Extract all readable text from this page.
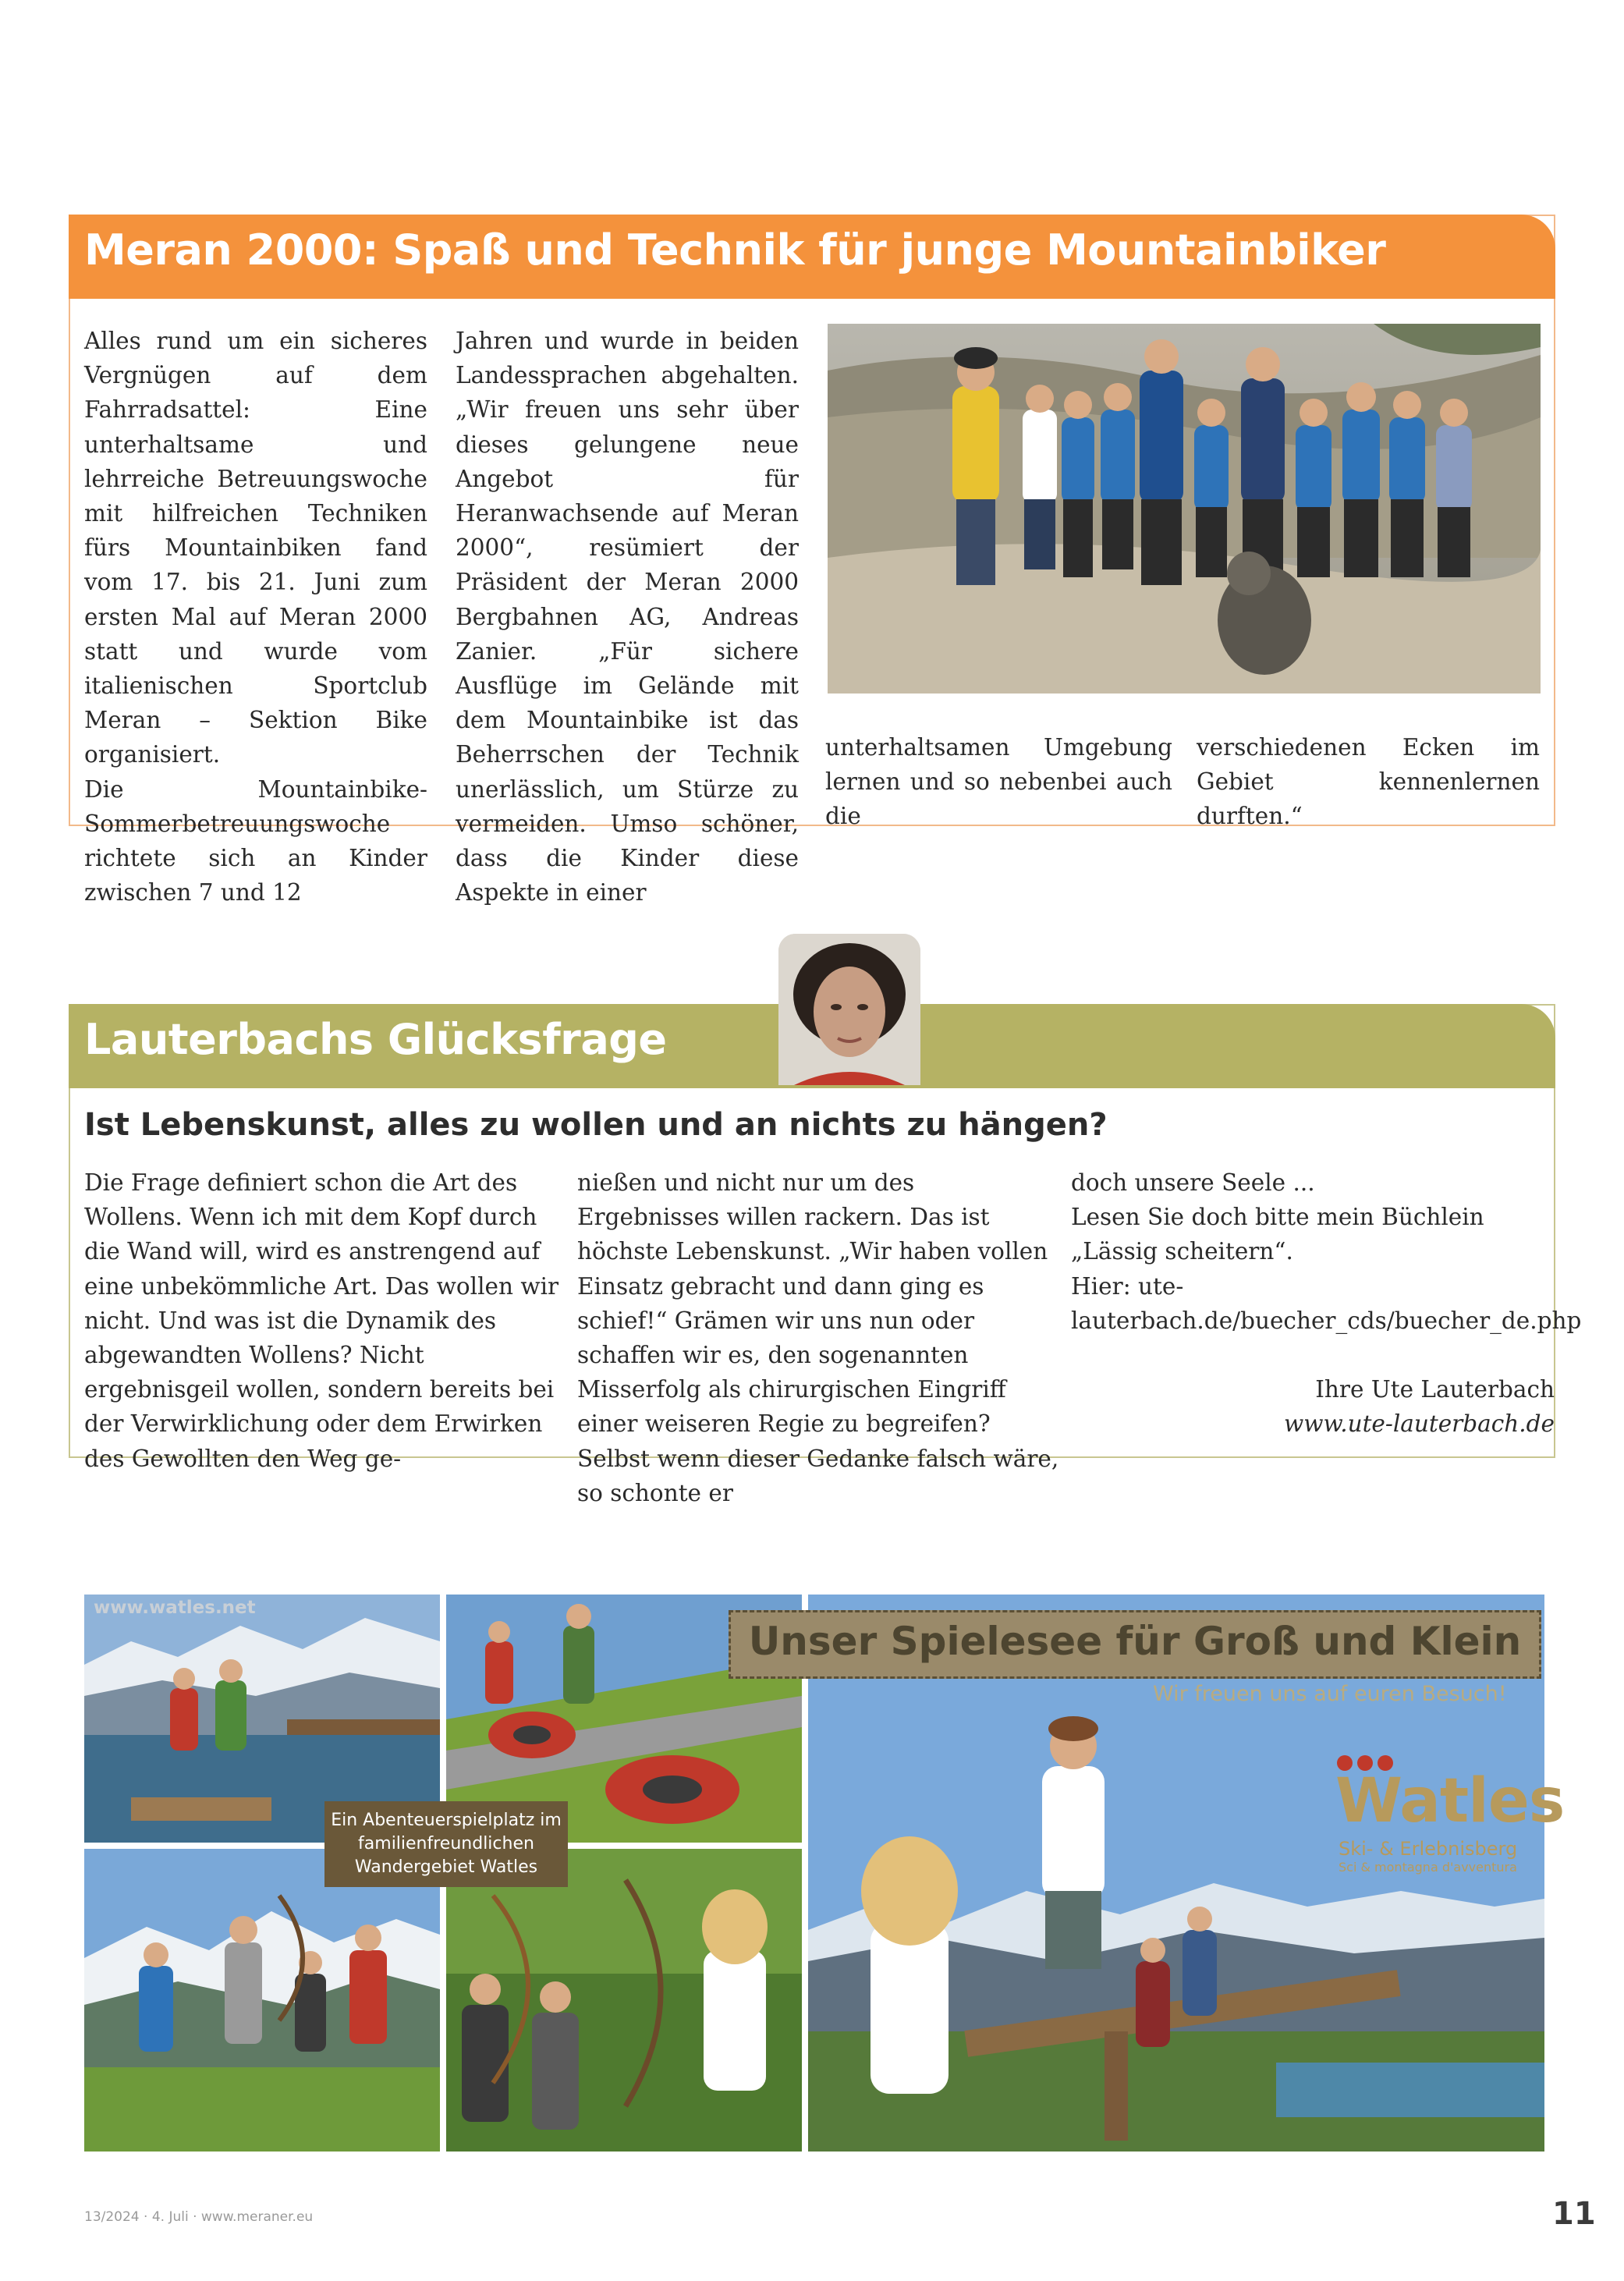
Meran 2000: Spaß und Technik für junge Mountainbiker

Alles rund um ein sicheres Vergnügen auf dem Fahrradsattel: Eine unterhaltsame und lehrreiche Betreuungswoche mit hilfreichen Techniken fürs Mountainbiken fand vom 17. bis 21. Juni zum ersten Mal auf Meran 2000 statt und wurde vom italienischen Sportclub Meran – Sektion Bike organisiert.

Die Mountainbike-Sommerbetreuungswoche richtete sich an Kinder zwischen 7 und 12

Jahren und wurde in beiden Landessprachen abgehalten. „Wir freuen uns sehr über dieses gelungene neue Angebot für Heranwachsende auf Meran 2000“, resümiert der Präsident der Meran 2000 Bergbahnen AG, Andreas Zanier. „Für sichere Ausflüge im Gelände mit dem Mountainbike ist das Beherrschen der Technik unerlässlich, um Stürze zu vermeiden. Umso schöner, dass die Kinder diese Aspekte in einer

unterhaltsamen Umgebung lernen und so nebenbei auch die

verschiedenen Ecken im Gebiet kennenlernen durften.“

Lauterbachs Glücksfrage
Ist Lebenskunst, alles zu wollen und an nichts zu hängen?

Die Frage definiert schon die Art des Wollens. Wenn ich mit dem Kopf durch die Wand will, wird es anstrengend auf eine unbekömmliche Art. Das wollen wir nicht. Und was ist die Dynamik des abgewandten Wollens? Nicht ergebnisgeil wollen, sondern bereits bei der Verwirklichung oder dem Erwirken des Gewollten den Weg ge-

nießen und nicht nur um des Ergebnisses willen rackern. Das ist höchste Lebenskunst. „Wir haben vollen Einsatz gebracht und dann ging es schief!“ Grämen wir uns nun oder schaffen wir es, den sogenannten Misserfolg als chirurgischen Eingriff einer weiseren Regie zu begreifen? Selbst wenn dieser Gedanke falsch wäre, so schonte er

doch unsere Seele ...

Lesen Sie doch bitte mein Büchlein „Lässig scheitern“.

Hier: ute-lauterbach.de/buecher_cds/buecher_de.php

Ihre Ute Lauterbach

www.ute-lauterbach.de

www.watles.net
Unser Spielesee für Groß und Klein
Wir freuen uns auf euren Besuch!
Ein Abenteuerspielplatz im
familienfreundlichen
Wandergebiet Watles
Watles
Ski- & Erlebnisberg
Sci & montagna d'avventura
13/2024 · 4. Juli · www.meraner.eu	11
